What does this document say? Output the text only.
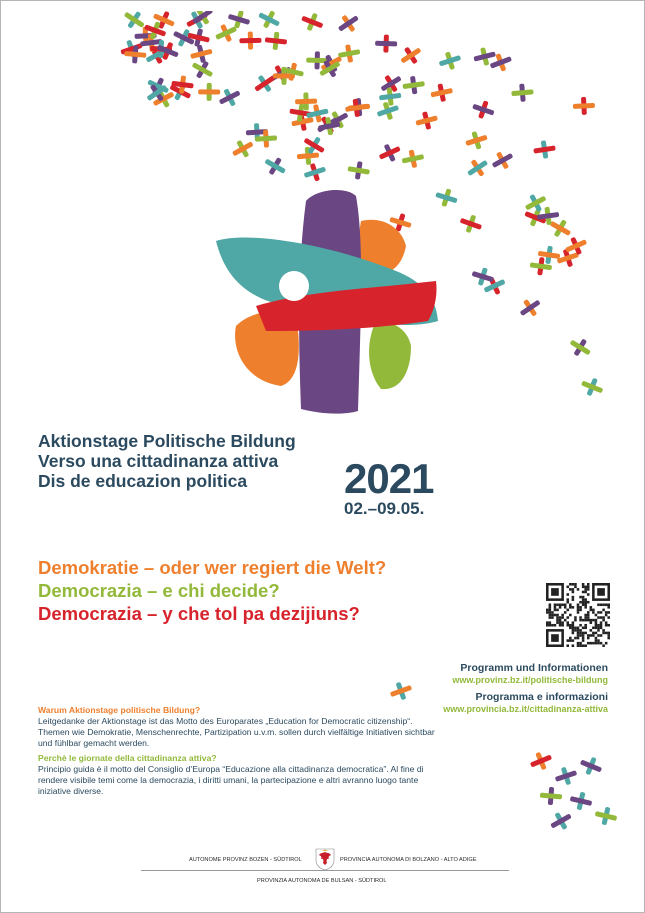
Aktionstage Politische Bildung
Verso una cittadinanza attiva
Dis de educazion politica	2021
02.–09.05.
Demokratie – oder wer regiert die Welt?
Democrazia – e chi decide?
Democrazia – y che tol pa dezijiuns?
Programm und Informationen
www.provinz.bz.it/politische-bildung
Programma e informazioni
www.provincia.bz.it/cittadinanza-attiva
Warum Aktionstage politische Bildung?
Leitgedanke der Aktionstage ist das Motto des Europarates „Education for Democratic citizenship“. Themen wie Demokratie, Menschenrechte, Partizipation u.v.m. sollen durch vielfältige Initiativen sichtbar und fühlbar gemacht werden.
Perchè le giornate della cittadinanza attiva?
Principio guida è il motto del Consiglio d’Europa “Educazione alla cittadinanza democratica”. Al fine di rendere visibile temi come la democrazia, i diritti umani, la partecipazione e altri avranno luogo tante iniziative diverse.
AUTONOME PROVINZ BOZEN - SÜDTIROL	PROVINCIA AUTONOMA DI BOLZANO - ALTO ADIGE
PROVINZIA AUTONOMA DE BULSAN - SÜDTIROL
